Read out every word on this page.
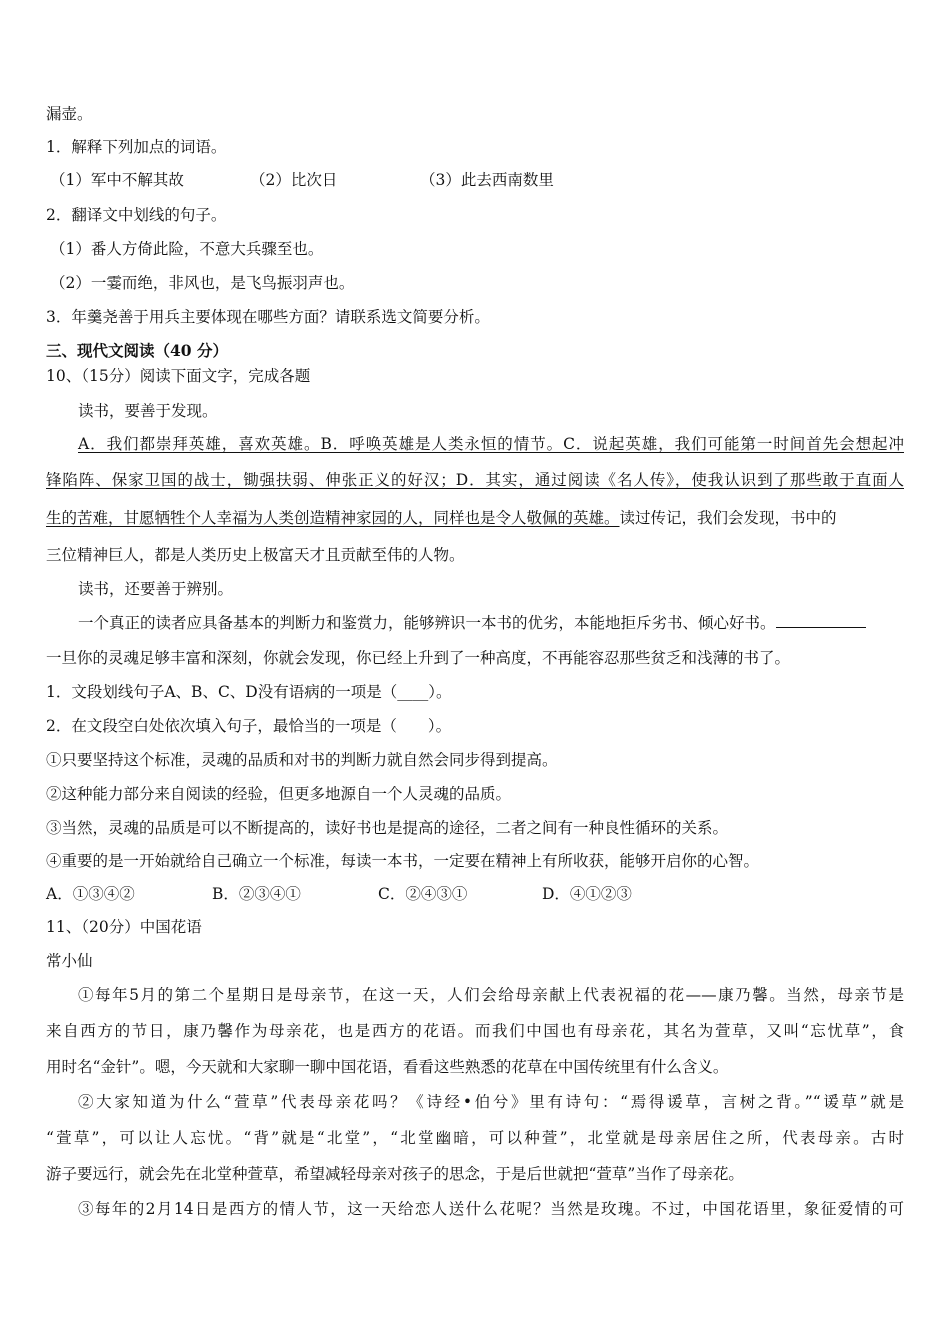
漏壶。
1．解释下列加点的词语。
（1）军中不解其故	（2）比次日	（3）此去西南数里
2．翻译文中划线的句子。
（1）番人方倚此险，不意大兵骤至也。
（2）一霎而绝，非风也，是飞鸟振羽声也。
3．年羹尧善于用兵主要体现在哪些方面？请联系选文简要分析。
三、现代文阅读（40 分）
10、（15分）阅读下面文字，完成各题
读书，要善于发现。
A．我们都崇拜英雄，喜欢英雄。B．呼唤英雄是人类永恒的情节。C．说起英雄，我们可能第一时间首先会想起冲
锋陷阵、保家卫国的战士，锄强扶弱、伸张正义的好汉；D．其实，通过阅读《名人传》，使我认识到了那些敢于直面人
生的苦难，甘愿牺牲个人幸福为人类创造精神家园的人，同样也是令人敬佩的英雄。读过传记，我们会发现，书中的
三位精神巨人，都是人类历史上极富天才且贡献至伟的人物。
读书，还要善于辨别。
一个真正的读者应具备基本的判断力和鉴赏力，能够辨识一本书的优劣，本能地拒斥劣书、倾心好书。
一旦你的灵魂足够丰富和深刻，你就会发现，你已经上升到了一种高度，不再能容忍那些贫乏和浅薄的书了。
1．文段划线句子A、B、C、D没有语病的一项是（____）。
2．在文段空白处依次填入句子，最恰当的一项是（　　）。
①只要坚持这个标准，灵魂的品质和对书的判断力就自然会同步得到提高。
②这种能力部分来自阅读的经验，但更多地源自一个人灵魂的品质。
③当然，灵魂的品质是可以不断提高的，读好书也是提高的途径，二者之间有一种良性循环的关系。
④重要的是一开始就给自己确立一个标准，每读一本书，一定要在精神上有所收获，能够开启你的心智。
A．①③④②	B．②③④①	C．②④③①	D．④①②③
11、（20分）中国花语
常小仙
①每年5月的第二个星期日是母亲节，在这一天，人们会给母亲献上代表祝福的花——康乃馨。当然，母亲节是
来自西方的节日，康乃馨作为母亲花，也是西方的花语。而我们中国也有母亲花，其名为萱草，又叫“忘忧草”，食
用时名“金针”。嗯，今天就和大家聊一聊中国花语，看看这些熟悉的花草在中国传统里有什么含义。
②大家知道为什么“萱草”代表母亲花吗？《诗经•伯兮》里有诗句：“焉得谖草，言树之背。”“谖草”就是
“萱草”，可以让人忘忧。“背”就是“北堂”，“北堂幽暗，可以种萱”，北堂就是母亲居住之所，代表母亲。古时
游子要远行，就会先在北堂种萱草，希望减轻母亲对孩子的思念，于是后世就把“萱草”当作了母亲花。
③每年的2月14日是西方的情人节，这一天给恋人送什么花呢？当然是玫瑰。不过，中国花语里，象征爱情的可
